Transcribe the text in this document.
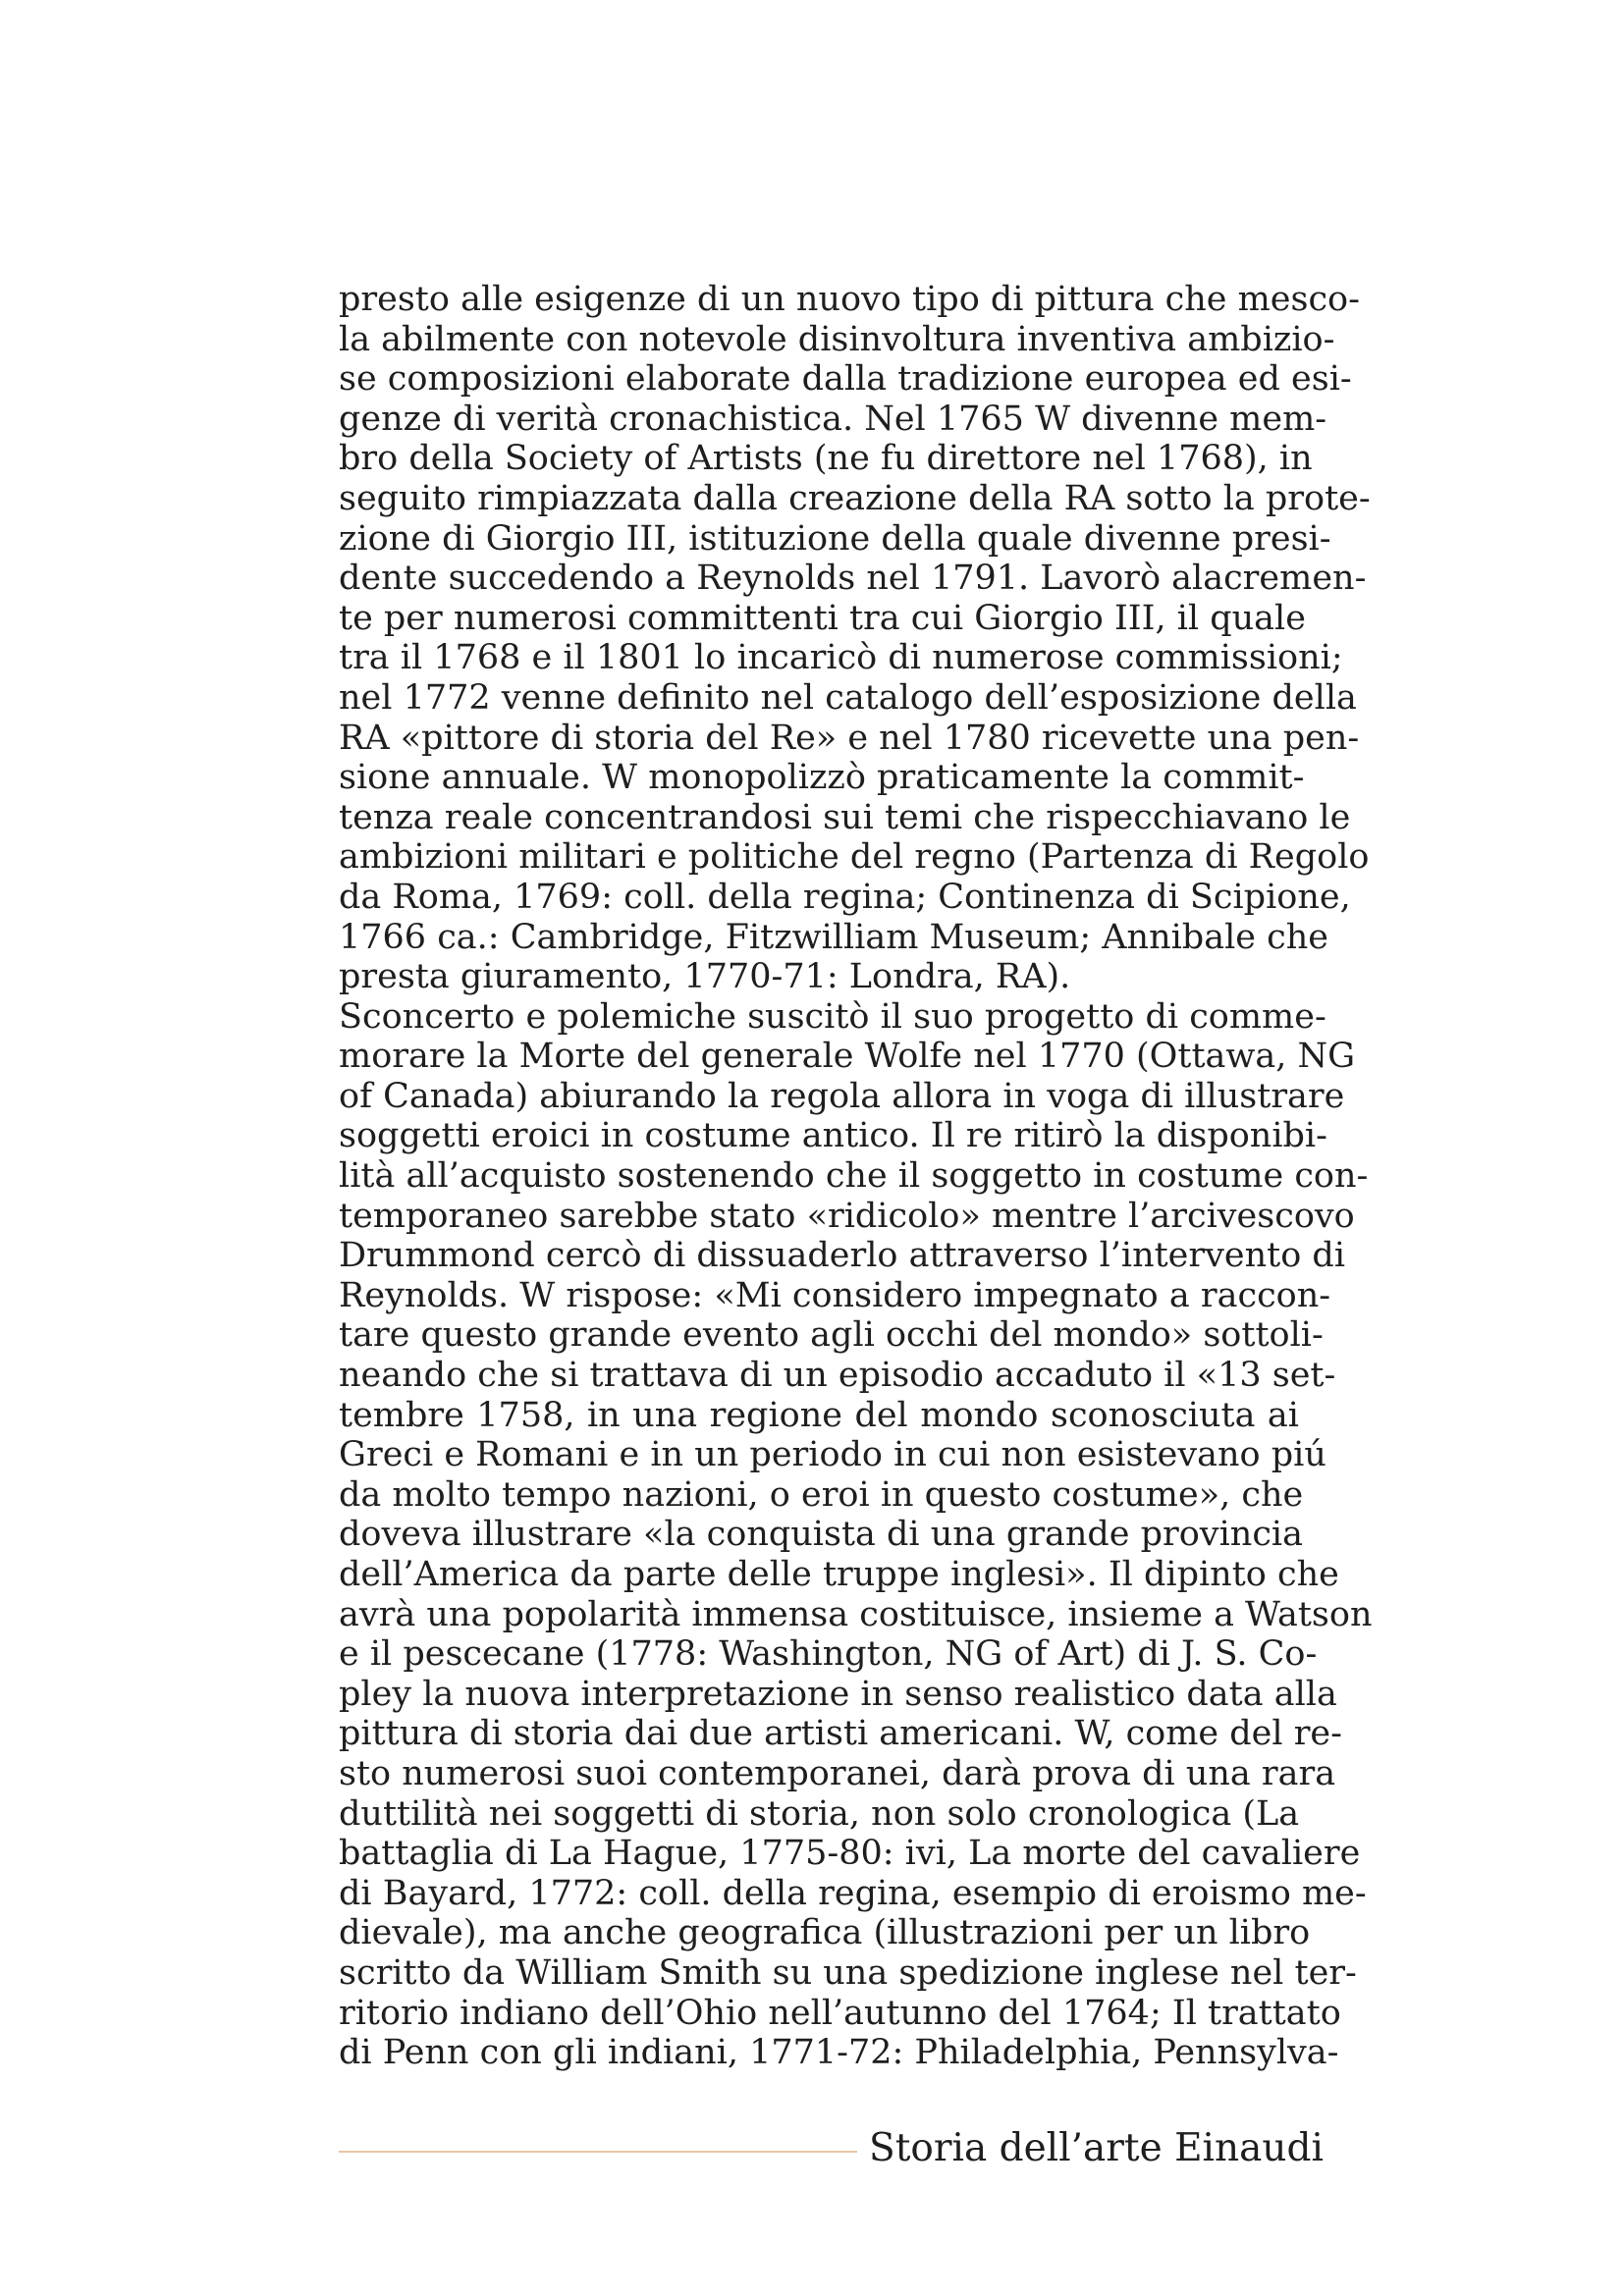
presto alle esigenze di un nuovo tipo di pittura che mesco-
la abilmente con notevole disinvoltura inventiva ambizio-
se composizioni elaborate dalla tradizione europea ed esi-
genze di verità cronachistica. Nel 1765 W divenne mem-
bro della Society of Artists (ne fu direttore nel 1768), in
seguito rimpiazzata dalla creazione della RA sotto la prote-
zione di Giorgio III, istituzione della quale divenne presi-
dente succedendo a Reynolds nel 1791. Lavorò alacremen-
te per numerosi committenti tra cui Giorgio III, il quale
tra il 1768 e il 1801 lo incaricò di numerose commissioni;
nel 1772 venne definito nel catalogo dell’esposizione della
RA «pittore di storia del Re» e nel 1780 ricevette una pen-
sione annuale. W monopolizzò praticamente la commit-
tenza reale concentrandosi sui temi che rispecchiavano le
ambizioni militari e politiche del regno (Partenza di Regolo
da Roma, 1769: coll. della regina; Continenza di Scipione,
1766 ca.: Cambridge, Fitzwilliam Museum; Annibale che
presta giuramento, 1770-71: Londra, RA).
Sconcerto e polemiche suscitò il suo progetto di comme-
morare la Morte del generale Wolfe nel 1770 (Ottawa, NG
of Canada) abiurando la regola allora in voga di illustrare
soggetti eroici in costume antico. Il re ritirò la disponibi-
lità all’acquisto sostenendo che il soggetto in costume con-
temporaneo sarebbe stato «ridicolo» mentre l’arcivescovo
Drummond cercò di dissuaderlo attraverso l’intervento di
Reynolds. W rispose: «Mi considero impegnato a raccon-
tare questo grande evento agli occhi del mondo» sottoli-
neando che si trattava di un episodio accaduto il «13 set-
tembre 1758, in una regione del mondo sconosciuta ai
Greci e Romani e in un periodo in cui non esistevano piú
da molto tempo nazioni, o eroi in questo costume», che
doveva illustrare «la conquista di una grande provincia
dell’America da parte delle truppe inglesi». Il dipinto che
avrà una popolarità immensa costituisce, insieme a Watson
e il pescecane (1778: Washington, NG of Art) di J. S. Co-
pley la nuova interpretazione in senso realistico data alla
pittura di storia dai due artisti americani. W, come del re-
sto numerosi suoi contemporanei, darà prova di una rara
duttilità nei soggetti di storia, non solo cronologica (La
battaglia di La Hague, 1775-80: ivi, La morte del cavaliere
di Bayard, 1772: coll. della regina, esempio di eroismo me-
dievale), ma anche geografica (illustrazioni per un libro
scritto da William Smith su una spedizione inglese nel ter-
ritorio indiano dell’Ohio nell’autunno del 1764; Il trattato
di Penn con gli indiani, 1771-72: Philadelphia, Pennsylva-
Storia dell’arte Einaudi
